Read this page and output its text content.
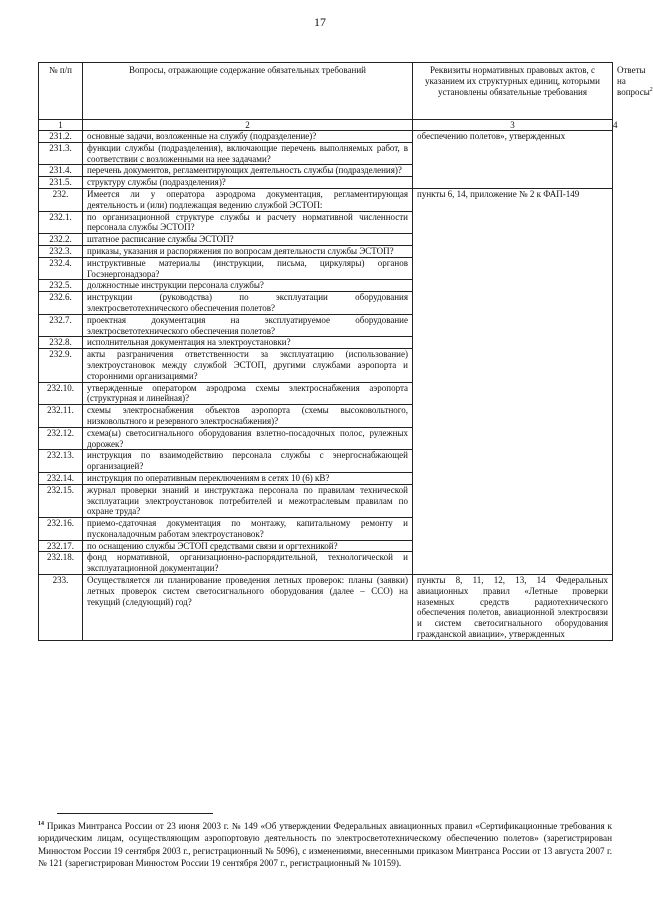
17
№ п/п	Вопросы, отражающие содержание обязательных требований	Реквизиты нормативных правовых актов, с указанием их структурных единиц, которыми установлены обязательные требования	Ответы на вопросы$^2$
1	2	3	4
231.2.	основные задачи, возложенные на службу (подразделение)?	обеспечению полетов», утвержденных	
231.3.	функции службы (подразделения), включающие перечень выполняемых работ, в соответствии с возложенными на нее задачами?		
231.4.	перечень документов, регламентирующих деятельность службы (подразделения)?		
231.5.	структуру службы (подразделения)?		
232.	Имеется ли у оператора аэродрома документация, регламентирующая деятельность и (или) подлежащая ведению службой ЭСТОП:	пункты 6, 14, приложение № 2 к ФАП-149	
232.1.	по организационной структуре службы и расчету нормативной численности персонала службы ЭСТОП?		
232.2.	штатное расписание службы ЭСТОП?		
232.3.	приказы, указания и распоряжения по вопросам деятельности службы ЭСТОП?		
232.4.	инструктивные материалы (инструкции, письма, циркуляры) органов Госэнергонадзора?		
232.5.	должностные инструкции персонала службы?		
232.6.	инструкции (руководства) по эксплуатации оборудования электросветотехнического обеспечения полетов?		
232.7.	проектная документация на эксплуатируемое оборудование электросветотехнического обеспечения полетов?		
232.8.	исполнительная документация на электроустановки?		
232.9.	акты разграничения ответственности за эксплуатацию (использование) электроустановок между службой ЭСТОП, другими службами аэропорта и сторонними организациями?		
232.10.	утвержденные оператором аэродрома схемы электроснабжения аэропорта (структурная и линейная)?		
232.11.	схемы электроснабжения объектов аэропорта (схемы высоковольтного, низковольтного и резервного электроснабжения)?		
232.12.	схема(ы) светосигнального оборудования взлетно-посадочных полос, рулежных дорожек?		
232.13.	инструкция по взаимодействию персонала службы с энергоснабжающей организацией?		
232.14.	инструкция по оперативным переключениям в сетях 10 (6) кВ?		
232.15.	журнал проверки знаний и инструктажа персонала по правилам технической эксплуатации электроустановок потребителей и межотраслевым правилам по охране труда?		
232.16.	приемо-сдаточная документация по монтажу, капитальному ремонту и пусконаладочным работам электроустановок?		
232.17.	по оснащению службы ЭСТОП средствами связи и оргтехникой?		
232.18.	фонд нормативной, организационно-распорядительной, технологической и эксплуатационной документации?		
233.	Осуществляется ли планирование проведения летных проверок: планы (заявки) летных проверок систем светосигнального оборудования (далее – ССО) на текущий (следующий) год?	пункты 8, 11, 12, 13, 14 Федеральных авиационных правил «Летные проверки наземных средств радиотехнического обеспечения полетов, авиационной электросвязи и систем светосигнального оборудования гражданской авиации», утвержденных	
$^{14}$ Приказ Минтранса России от 23 июня 2003 г. № 149 «Об утверждении Федеральных авиационных правил «Сертификационные требования к юридическим лицам, осуществляющим аэропортовую деятельность по электросветотехническому обеспечению полетов» (зарегистрирован Минюстом России 19 сентября 2003 г., регистрационный № 5096), с изменениями, внесенными приказом Минтранса России от 13 августа 2007 г. № 121 (зарегистрирован Минюстом России 19 сентября 2007 г., регистрационный № 10159).
